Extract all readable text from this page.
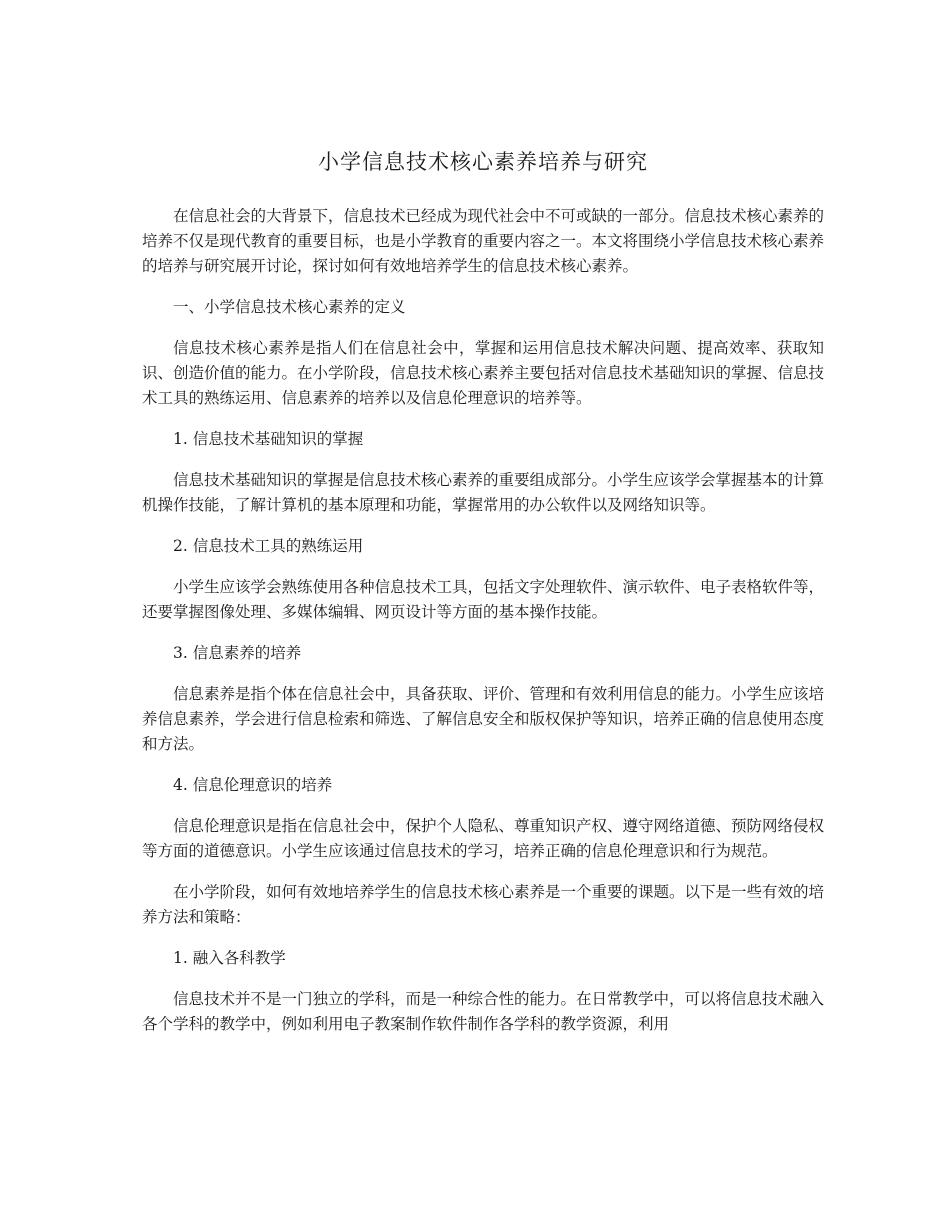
小学信息技术核心素养培养与研究

在信息社会的大背景下，信息技术已经成为现代社会中不可或缺的一部分。信息技术核心素养的培养不仅是现代教育的重要目标，也是小学教育的重要内容之一。本文将围绕小学信息技术核心素养的培养与研究展开讨论，探讨如何有效地培养学生的信息技术核心素养。

一、小学信息技术核心素养的定义

信息技术核心素养是指人们在信息社会中，掌握和运用信息技术解决问题、提高效率、获取知识、创造价值的能力。在小学阶段，信息技术核心素养主要包括对信息技术基础知识的掌握、信息技术工具的熟练运用、信息素养的培养以及信息伦理意识的培养等。

1. 信息技术基础知识的掌握

信息技术基础知识的掌握是信息技术核心素养的重要组成部分。小学生应该学会掌握基本的计算机操作技能，了解计算机的基本原理和功能，掌握常用的办公软件以及网络知识等。

2. 信息技术工具的熟练运用

小学生应该学会熟练使用各种信息技术工具，包括文字处理软件、演示软件、电子表格软件等，还要掌握图像处理、多媒体编辑、网页设计等方面的基本操作技能。

3. 信息素养的培养

信息素养是指个体在信息社会中，具备获取、评价、管理和有效利用信息的能力。小学生应该培养信息素养，学会进行信息检索和筛选、了解信息安全和版权保护等知识，培养正确的信息使用态度和方法。

4. 信息伦理意识的培养

信息伦理意识是指在信息社会中，保护个人隐私、尊重知识产权、遵守网络道德、预防网络侵权等方面的道德意识。小学生应该通过信息技术的学习，培养正确的信息伦理意识和行为规范。

在小学阶段，如何有效地培养学生的信息技术核心素养是一个重要的课题。以下是一些有效的培养方法和策略：

1. 融入各科教学

信息技术并不是一门独立的学科，而是一种综合性的能力。在日常教学中，可以将信息技术融入各个学科的教学中，例如利用电子教案制作软件制作各学科的教学资源，利用
